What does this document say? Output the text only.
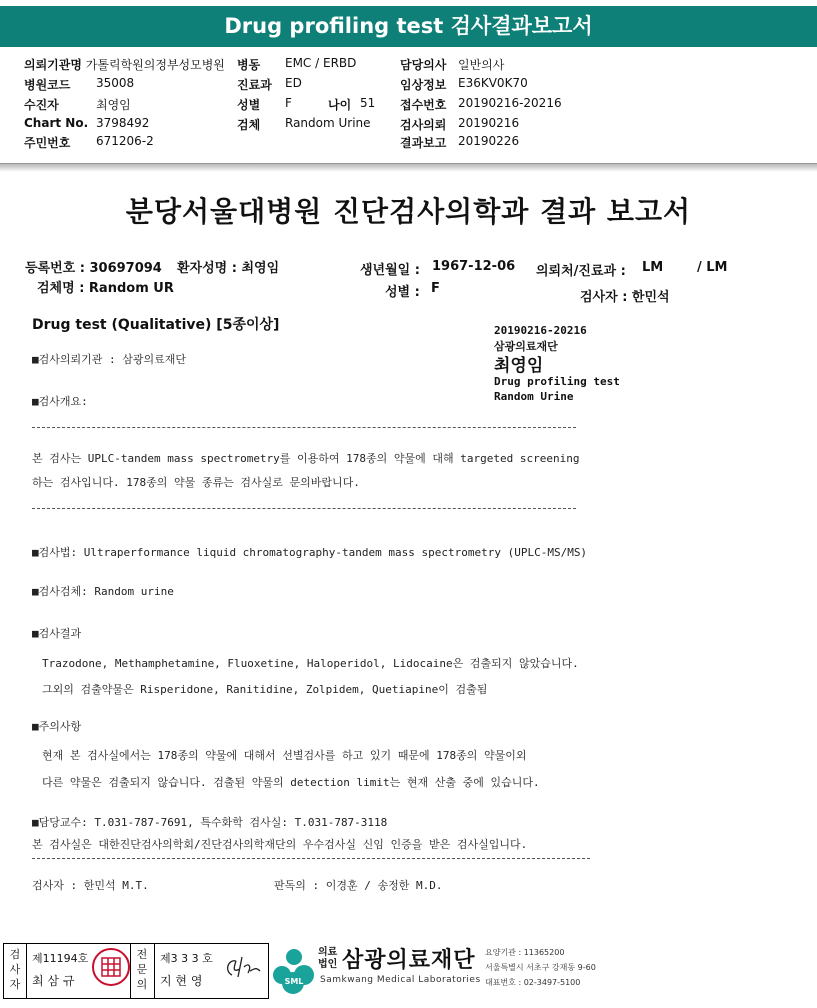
Drug profiling test 검사결과보고서
의뢰기관명 가톨릭학원의정부성모병원
병원코드 35008
수진자	최영임
Chart No. 3798492
주민번호 671206-2
병동 EMC / ERBD
진료과 ED
성별 F	나이 51
검체 Random Urine
담당의사 일반의사
임상정보 E36KV0K70
접수번호 20190216-20216
검사의뢰 20190216
결과보고 20190226
분당서울대병원 진단검사의학과 결과 보고서
등록번호 : 30697094 환자성명 : 최영임	생년월일 : 1967-12-06 의뢰처/진료과 : LM	/ LM
검체명 : Random UR	성별 : F
검사자 : 한민석
Drug test (Qualitative) [5종이상]	20190216-20216
삼광의료재단
최영임
Drug profiling test
Random Urine
■검사의뢰기관 : 삼광의료재단
■검사개요:
본 검사는 UPLC-tandem mass spectrometry를 이용하여 178종의 약물에 대해 targeted screening
하는 검사입니다. 178종의 약물 종류는 검사실로 문의바랍니다.
■검사법: Ultraperformance liquid chromatography-tandem mass spectrometry (UPLC-MS/MS)
■검사검체: Random urine
■검사결과
Trazodone, Methamphetamine, Fluoxetine, Haloperidol, Lidocaine은 검출되지 않았습니다.
그외의 검출약물은 Risperidone, Ranitidine, Zolpidem, Quetiapine이 검출됨
■주의사항
현재 본 검사실에서는 178종의 약물에 대해서 선별검사를 하고 있기 때문에 178종의 약물이외
다른 약물은 검출되지 않습니다. 검출된 약물의 detection limit는 현재 산출 중에 있습니다.
■담당교수: T.031-787-7691, 특수화학 검사실: T.031-787-3118
본 검사실은 대한진단검사의학회/진단검사의학재단의 우수검사실 신임 인증을 받은 검사실입니다.
검사자 : 한민석 M.T.	판독의 : 이경훈 / 송정한 M.D.
검사자
제11194호
최 삼 규
전문의
제3 3 3 호
지 현 영	SML
의료법인 삼광의료재단
Samkwang Medical Laboratories
요양기관 : 11365200
서울특별시 서초구 강재동 9-60
대표번호 : 02-3497-5100
